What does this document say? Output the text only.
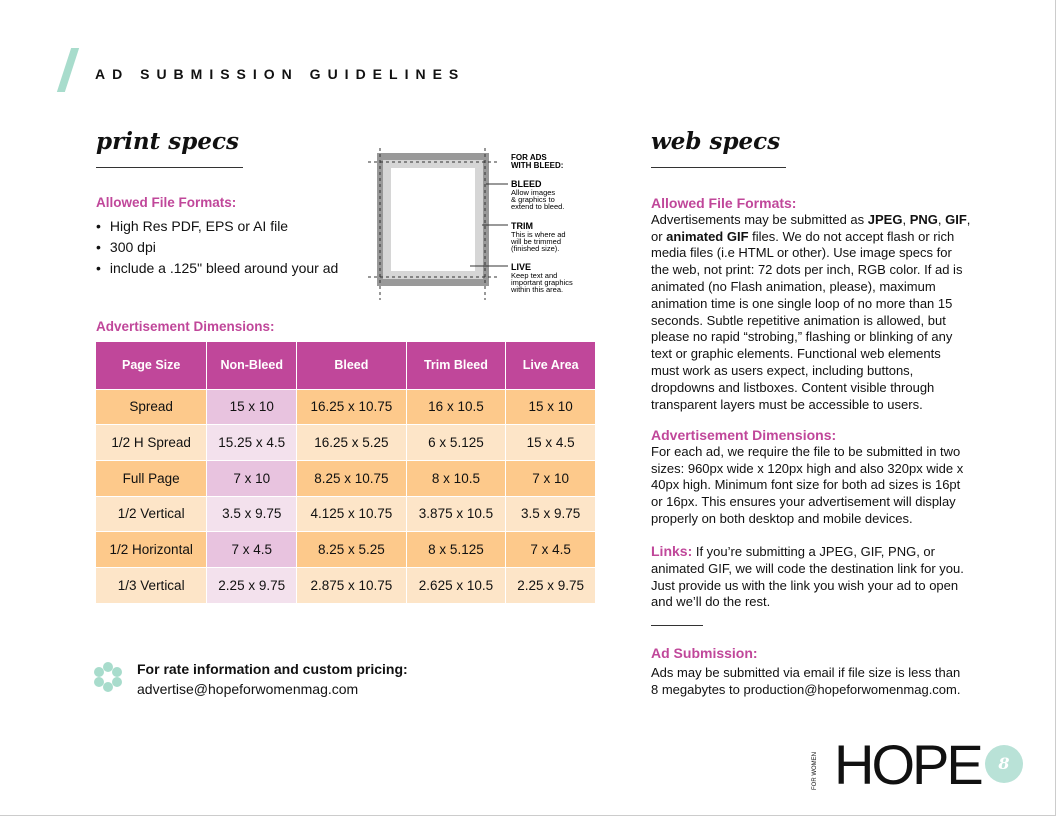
AD SUBMISSION GUIDELINES
print specs
Allowed File Formats:
• High Res PDF, EPS or AI file
• 300 dpi
• include a .125" bleed around your ad
FOR ADS
WITH BLEED:
BLEED
TRIM
LIVE
Allow images
& graphics to
extend to bleed.
This is where ad
will be trimmed
(finished size).
Keep text and
important graphics
within this area.
Advertisement Dimensions:
Page Size	Non-Bleed	Bleed	Trim Bleed	Live Area
Spread	15 x 10	16.25 x 10.75	16 x 10.5	15 x 10
1/2 H Spread	15.25 x 4.5	16.25 x 5.25	6 x 5.125	15 x 4.5
Full Page	7 x 10	8.25 x 10.75	8 x 10.5	7 x 10
1/2 Vertical	3.5 x 9.75	4.125 x 10.75	3.875 x 10.5	3.5 x 9.75
1/2 Horizontal	7 x 4.5	8.25 x 5.25	8 x 5.125	7 x 4.5
1/3 Vertical	2.25 x 9.75	2.875 x 10.75	2.625 x 10.5	2.25 x 9.75
For rate information and custom pricing:
advertise@hopeforwomenmag.com
web specs
Allowed File Formats:
Advertisements may be submitted as JPEG, PNG, GIF, or animated GIF files. We do not accept flash or rich media files (i.e HTML or other). Use image specs for the web, not print: 72 dots per inch, RGB color. If ad is animated (no Flash animation, please), maximum animation time is one single loop of no more than 15 seconds. Subtle repetitive animation is allowed, but please no rapid “strobing,” flashing or blinking of any text or graphic elements. Functional web elements must work as users expect, including buttons, dropdowns and listboxes. Content visible through transparent layers must be accessible to users.
Advertisement Dimensions:
For each ad, we require the file to be submitted in two sizes: 960px wide x 120px high and also 320px wide x 40px high. Minimum font size for both ad sizes is 16pt or 16px. This ensures your advertisement will display properly on both desktop and mobile devices.
Links: If you’re submitting a JPEG, GIF, PNG, or animated GIF, we will code the destination link for you. Just provide us with the link you wish your ad to open and we’ll do the rest.
Ad Submission:
Ads may be submitted via email if file size is less than 8 megabytes to production@hopeforwomenmag.com.
FOR WOMEN HOPE	8
